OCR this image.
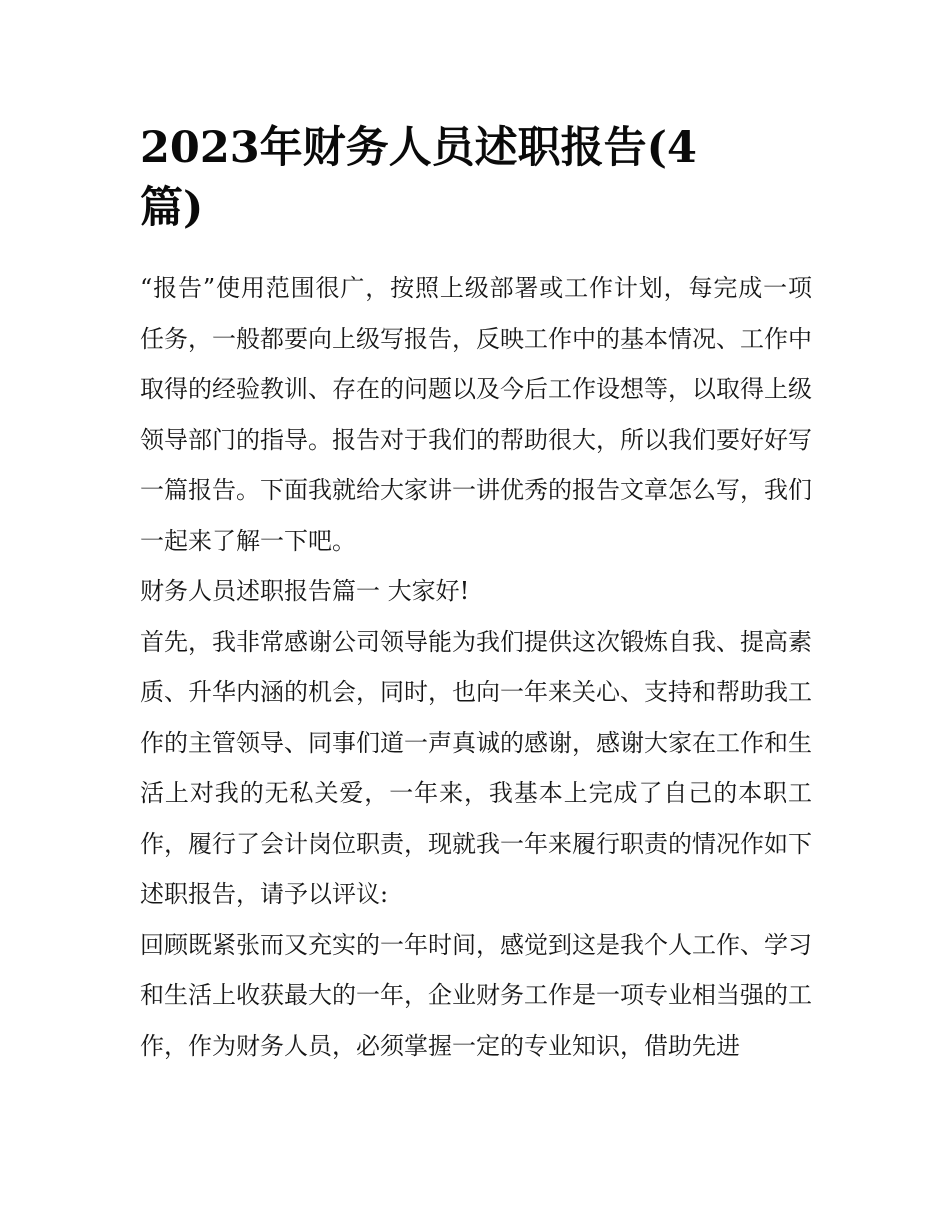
2023年财务人员述职报告(4
篇)

“报告”使用范围很广，按照上级部署或工作计划，每完成一项任务，一般都要向上级写报告，反映工作中的基本情况、工作中取得的经验教训、存在的问题以及今后工作设想等，以取得上级领导部门的指导。报告对于我们的帮助很大，所以我们要好好写一篇报告。下面我就给大家讲一讲优秀的报告文章怎么写，我们一起来了解一下吧。

财务人员述职报告篇一 大家好!

首先，我非常感谢公司领导能为我们提供这次锻炼自我、提高素质、升华内涵的机会，同时，也向一年来关心、支持和帮助我工作的主管领导、同事们道一声真诚的感谢，感谢大家在工作和生活上对我的无私关爱，一年来，我基本上完成了自己的本职工作，履行了会计岗位职责，现就我一年来履行职责的情况作如下述职报告，请予以评议:

回顾既紧张而又充实的一年时间，感觉到这是我个人工作、学习和生活上收获最大的一年，企业财务工作是一项专业相当强的工作，作为财务人员，必须掌握一定的专业知识，借助先进
